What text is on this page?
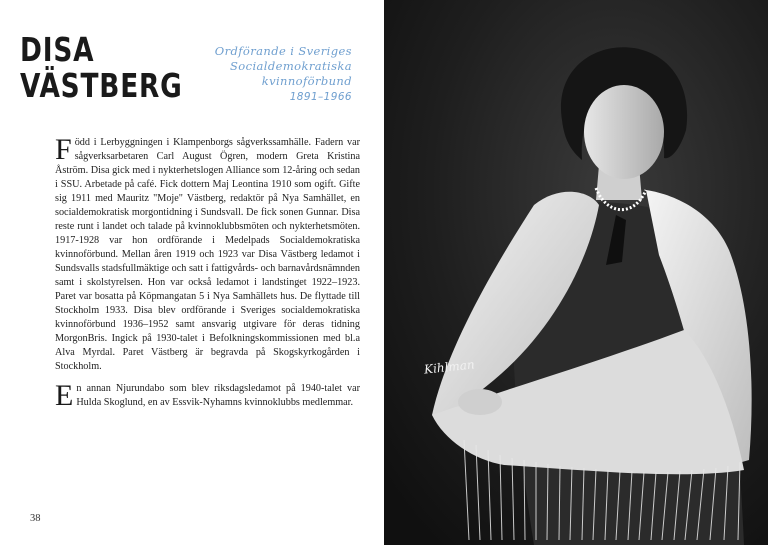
DISA
VÄSTBERG
Ordförande i Sveriges
Socialdemokratiska
kvinnoförbund
1891–1966

Född i Lerbyggningen i Klampenborgs sågverkssamhälle. Fadern var sågverksarbetaren Carl August Ögren, modern Greta Kristina Åström. Disa gick med i nykterhetslogen Alliance som 12-åring och sedan i SSU. Arbetade på café. Fick dottern Maj Leontina 1910 som ogift. Gifte sig 1911 med Mauritz "Moje" Västberg, redaktör på Nya Samhället, en socialdemokratisk morgontidning i Sundsvall. De fick sonen Gunnar. Disa reste runt i landet och talade på kvinnoklubbsmöten och nykterhetsmöten. 1917-1928 var hon ordförande i Medelpads Socialdemokratiska kvinnoförbund. Mellan åren 1919 och 1923 var Disa Västberg ledamot i Sundsvalls stadsfullmäktige och satt i fattigvårds- och barnavårdsnämnden samt i skolstyrelsen. Hon var också ledamot i landstinget 1922–1923. Paret var bosatta på Köpmangatan 5 i Nya Samhällets hus. De flyttade till Stockholm 1933. Disa blev ordförande i Sveriges socialdemokratiska kvinnoförbund 1936–1952 samt ansvarig utgivare för deras tidning MorgonBris. Ingick på 1930-talet i Befolkningskommissionen med bl.a Alva Myrdal. Paret Västberg är begravda på Skogskyrkogården i Stockholm.

En annan Njurundabo som blev riksdagsledamot på 1940-talet var Hulda Skoglund, en av Essvik-Nyhamns kvinnoklubbs medlemmar.

38
Kihlman
